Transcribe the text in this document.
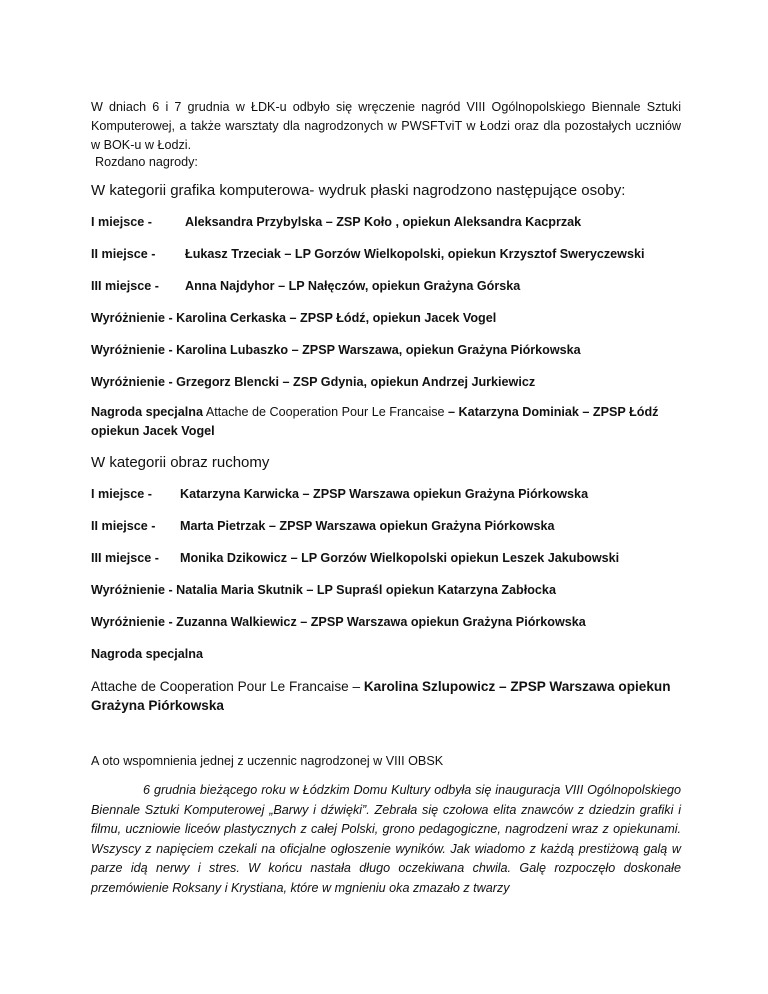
W dniach 6 i 7 grudnia w ŁDK-u odbyło się wręczenie nagród VIII Ogólnopolskiego Biennale Sztuki Komputerowej, a także warsztaty dla nagrodzonych w PWSFTviT w Łodzi oraz dla pozostałych uczniów w BOK-u w Łodzi.

Rozdano nagrody:

W kategorii grafika komputerowa- wydruk płaski nagrodzono następujące osoby:

I miejsce -	Aleksandra Przybylska – ZSP Koło , opiekun Aleksandra Kacprzak
II miejsce - Łukasz Trzeciak – LP Gorzów Wielkopolski, opiekun Krzysztof Sweryczewski
III miejsce - Anna Najdyhor – LP Nałęczów, opiekun Grażyna Górska
Wyróżnienie - Karolina Cerkaska – ZPSP Łódź, opiekun Jacek Vogel
Wyróżnienie - Karolina Lubaszko – ZPSP Warszawa, opiekun Grażyna Piórkowska
Wyróżnienie - Grzegorz Blencki – ZSP Gdynia, opiekun Andrzej Jurkiewicz

Nagroda specjalna Attache de Cooperation Pour Le Francaise – Katarzyna Dominiak – ZPSP Łódź opiekun Jacek Vogel

W kategorii obraz ruchomy

I miejsce - Katarzyna Karwicka – ZPSP Warszawa opiekun Grażyna Piórkowska
II miejsce - Marta Pietrzak – ZPSP Warszawa opiekun Grażyna Piórkowska
III miejsce - Monika Dzikowicz – LP Gorzów Wielkopolski opiekun Leszek Jakubowski
Wyróżnienie - Natalia Maria Skutnik – LP Supraśl opiekun Katarzyna Zabłocka
Wyróżnienie - Zuzanna Walkiewicz – ZPSP Warszawa opiekun Grażyna Piórkowska
Nagroda specjalna

Attache de Cooperation Pour Le Francaise – Karolina Szlupowicz – ZPSP Warszawa opiekun Grażyna Piórkowska

A oto wspomnienia jednej z uczennic nagrodzonej w VIII OBSK

6 grudnia bieżącego roku w Łódzkim Domu Kultury odbyła się inauguracja VIII Ogólnopolskiego Biennale Sztuki Komputerowej „Barwy i dźwięki”. Zebrała się czołowa elita znawców z dziedzin grafiki i filmu, uczniowie liceów plastycznych z całej Polski, grono pedagogiczne, nagrodzeni wraz z opiekunami. Wszyscy z napięciem czekali na oficjalne ogłoszenie wyników. Jak wiadomo z każdą prestiżową galą w parze idą nerwy i stres. W końcu nastała długo oczekiwana chwila. Galę rozpoczęło doskonałe przemówienie Roksany i Krystiana, które w mgnieniu oka zmazało z twarzy
